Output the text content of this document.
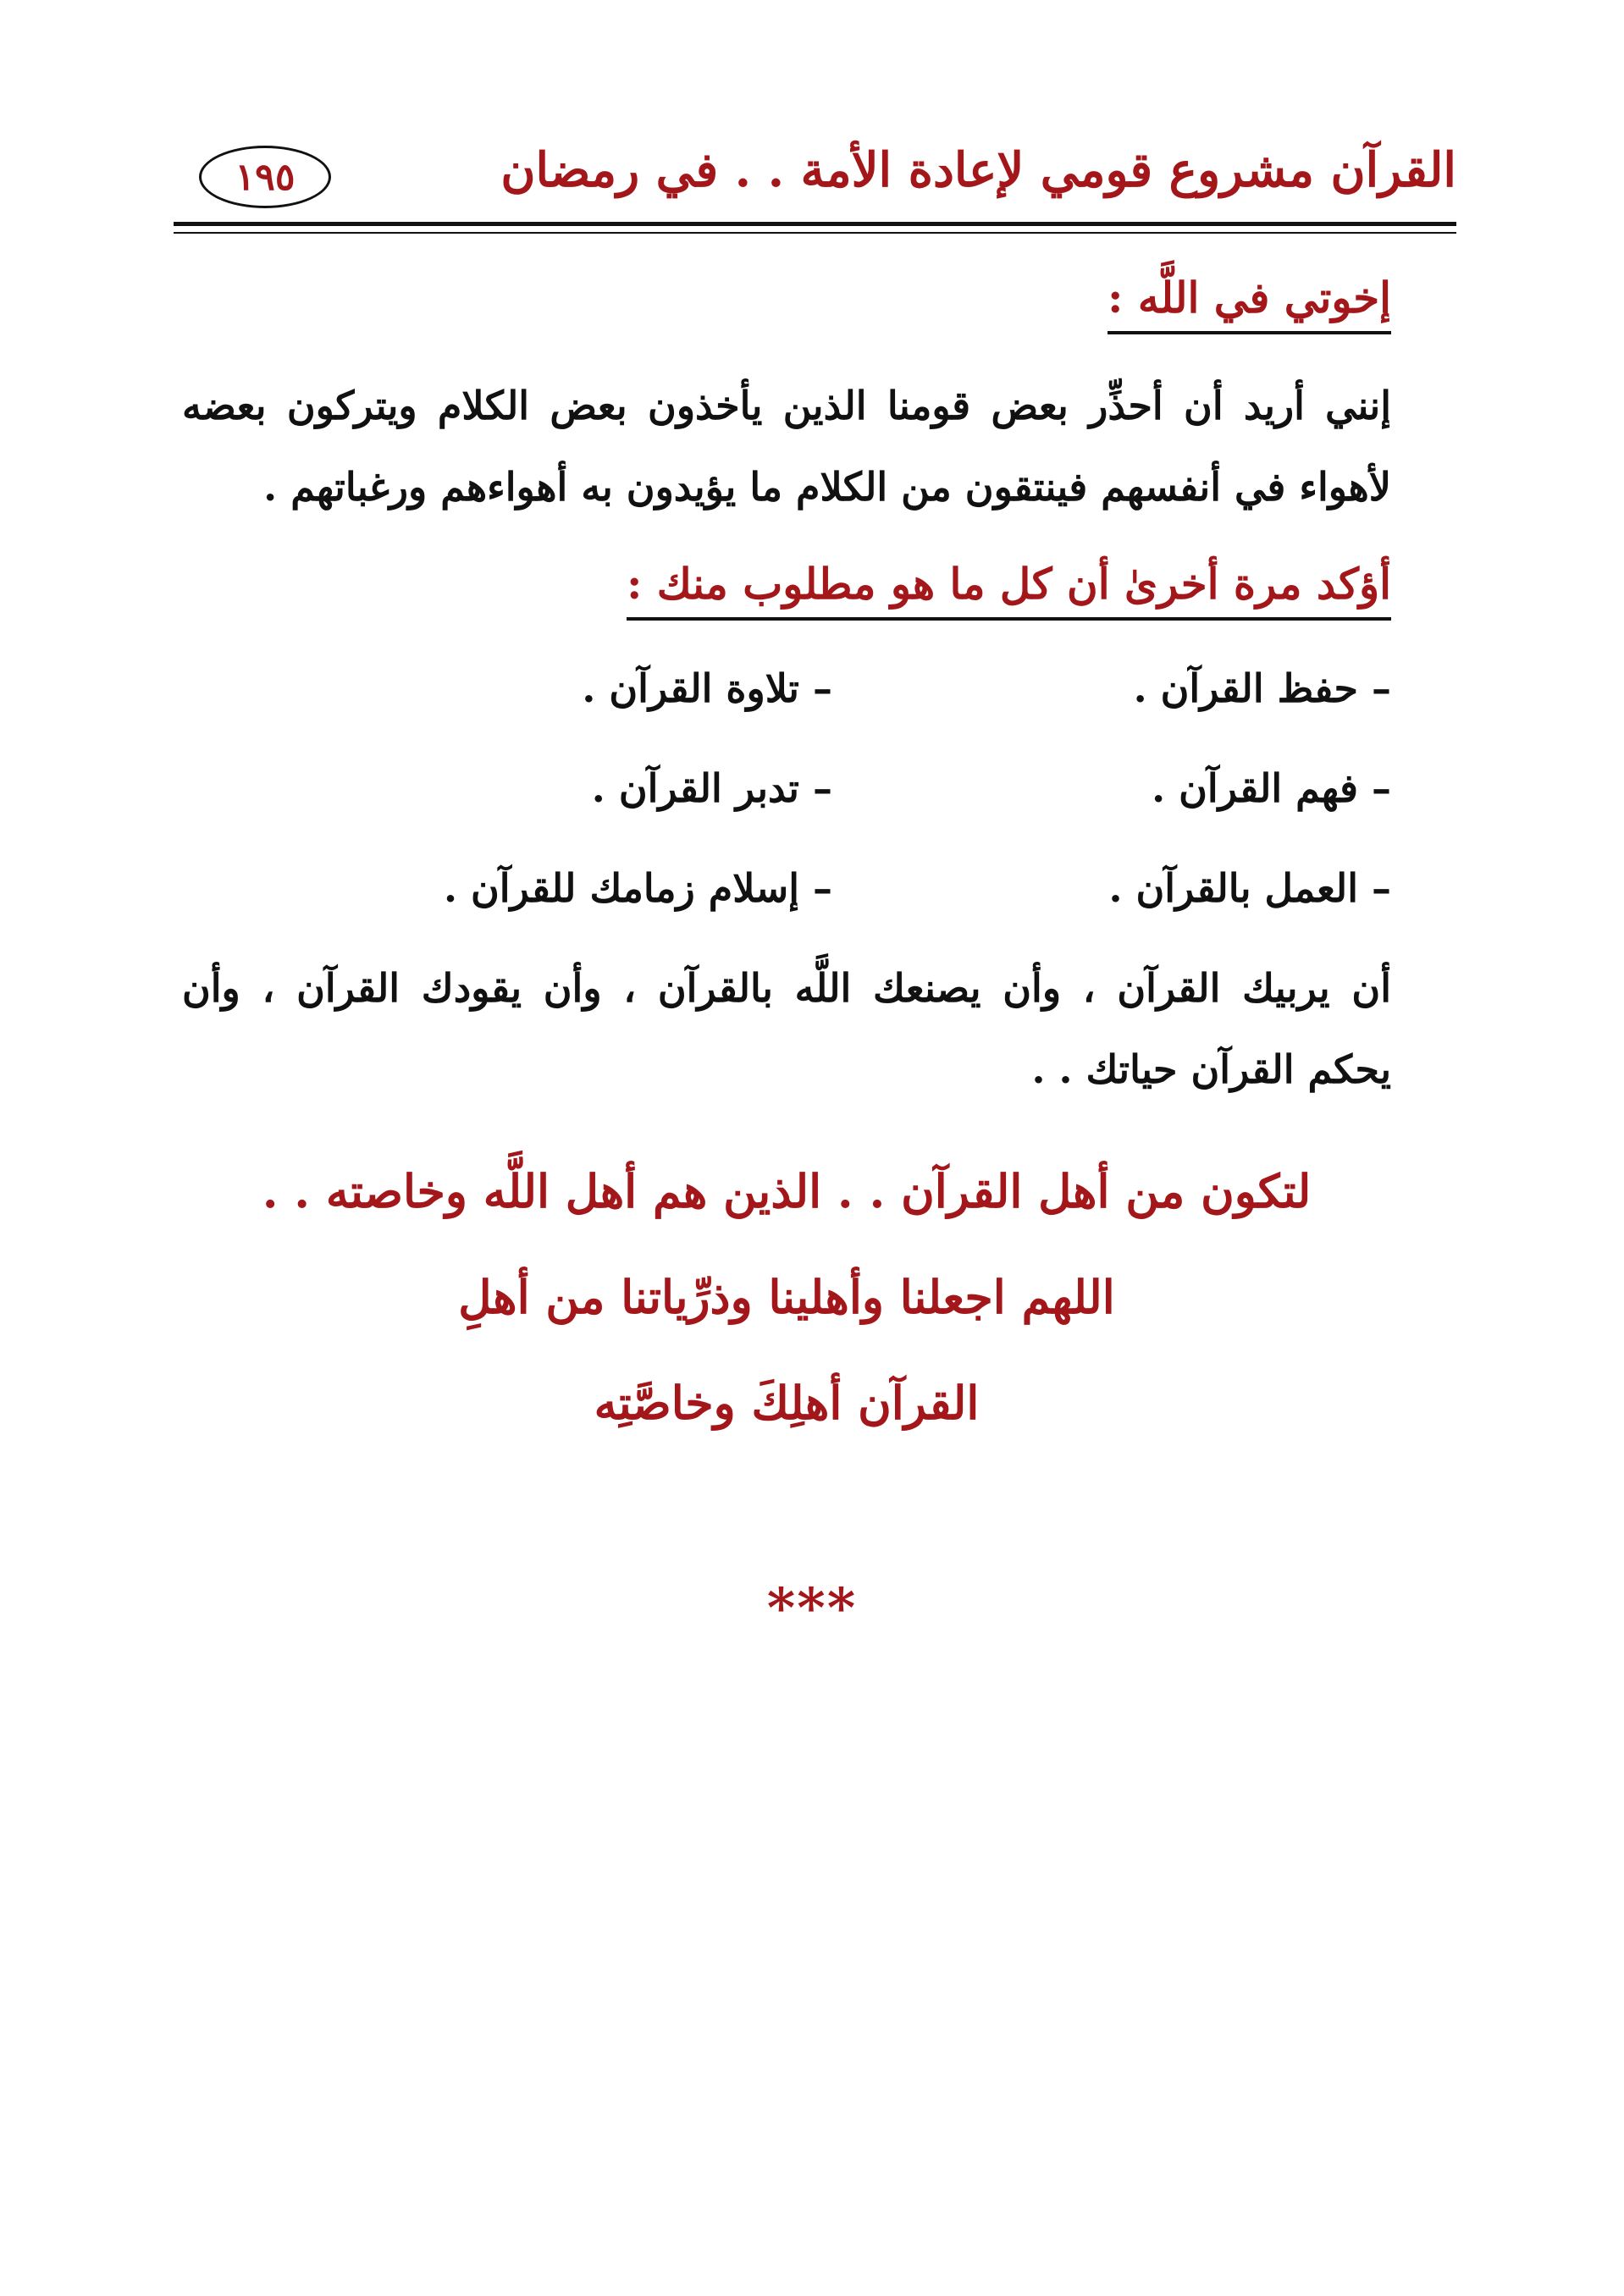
القرآن مشروع قومي لإعادة الأمة . . في رمضان
١٩٥
إخوتي في اللَّه :
إنني أريد أن أحذِّر بعض قومنا الذين يأخذون بعض الكلام ويتركون بعضه
لأهواء في أنفسهم فينتقون من الكلام ما يؤيدون به أهواءهم ورغباتهم .
أؤكد مرة أخرىٰ أن كل ما هو مطلوب منك :
– حفظ القرآن .
– تلاوة القرآن .
– فهم القرآن .
– تدبر القرآن .
– العمل بالقرآن .
– إسلام زمامك للقرآن .
أن يربيك القرآن ، وأن يصنعك اللَّه بالقرآن ، وأن يقودك القرآن ، وأن
يحكم القرآن حياتك . .
لتكون من أهل القرآن . . الذين هم أهل اللَّه وخاصته . .
اللهم اجعلنا وأهلينا وذرِّياتنا من أهلِ
القرآن أهلِكَ وخاصَّتِه
***
